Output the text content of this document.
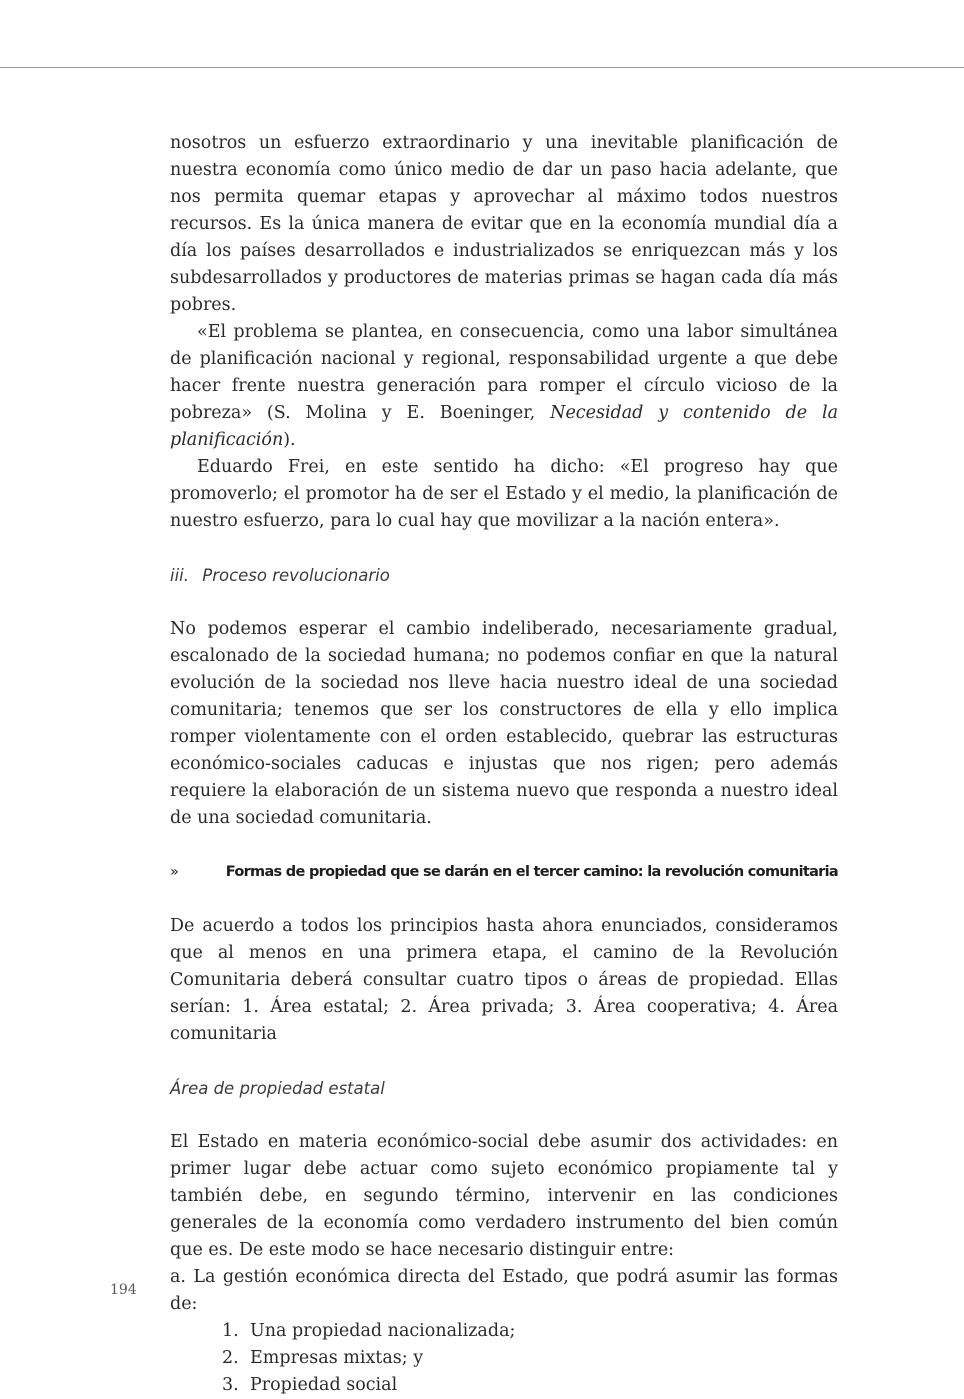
nosotros un esfuerzo extraordinario y una inevitable planificación de nuestra economía como único medio de dar un paso hacia adelante, que nos permita quemar etapas y aprovechar al máximo todos nuestros recursos. Es la única manera de evitar que en la economía mundial día a día los países desarrollados e industrializados se enriquezcan más y los subdesarrollados y productores de materias primas se hagan cada día más pobres.

«El problema se plantea, en consecuencia, como una labor simultánea de planificación nacional y regional, responsabilidad urgente a que debe hacer frente nuestra generación para romper el círculo vicioso de la pobreza» (S. Molina y E. Boeninger, Necesidad y contenido de la planificación).

Eduardo Frei, en este sentido ha dicho: «El progreso hay que promoverlo; el promotor ha de ser el Estado y el medio, la planificación de nuestro esfuerzo, para lo cual hay que movilizar a la nación entera».

iii. Proceso revolucionario

No podemos esperar el cambio indeliberado, necesariamente gradual, escalonado de la sociedad humana; no podemos confiar en que la natural evolución de la sociedad nos lleve hacia nuestro ideal de una sociedad comunitaria; tenemos que ser los constructores de ella y ello implica romper violentamente con el orden establecido, quebrar las estructuras económico-sociales caducas e injustas que nos rigen; pero además requiere la elaboración de un sistema nuevo que responda a nuestro ideal de una sociedad comunitaria.

»	Formas de propiedad que se darán en el tercer camino: la revolución comunitaria

De acuerdo a todos los principios hasta ahora enunciados, consideramos que al menos en una primera etapa, el camino de la Revolución Comunitaria deberá consultar cuatro tipos o áreas de propiedad. Ellas serían: 1. Área estatal; 2. Área privada; 3. Área cooperativa; 4. Área comunitaria

Área de propiedad estatal

El Estado en materia económico-social debe asumir dos actividades: en primer lugar debe actuar como sujeto económico propiamente tal y también debe, en segundo término, intervenir en las condiciones generales de la economía como verdadero instrumento del bien común que es. De este modo se hace necesario distinguir entre:

a. La gestión económica directa del Estado, que podrá asumir las formas de:

1. Una propiedad nacionalizada;
2. Empresas mixtas; y
3. Propiedad social
194
